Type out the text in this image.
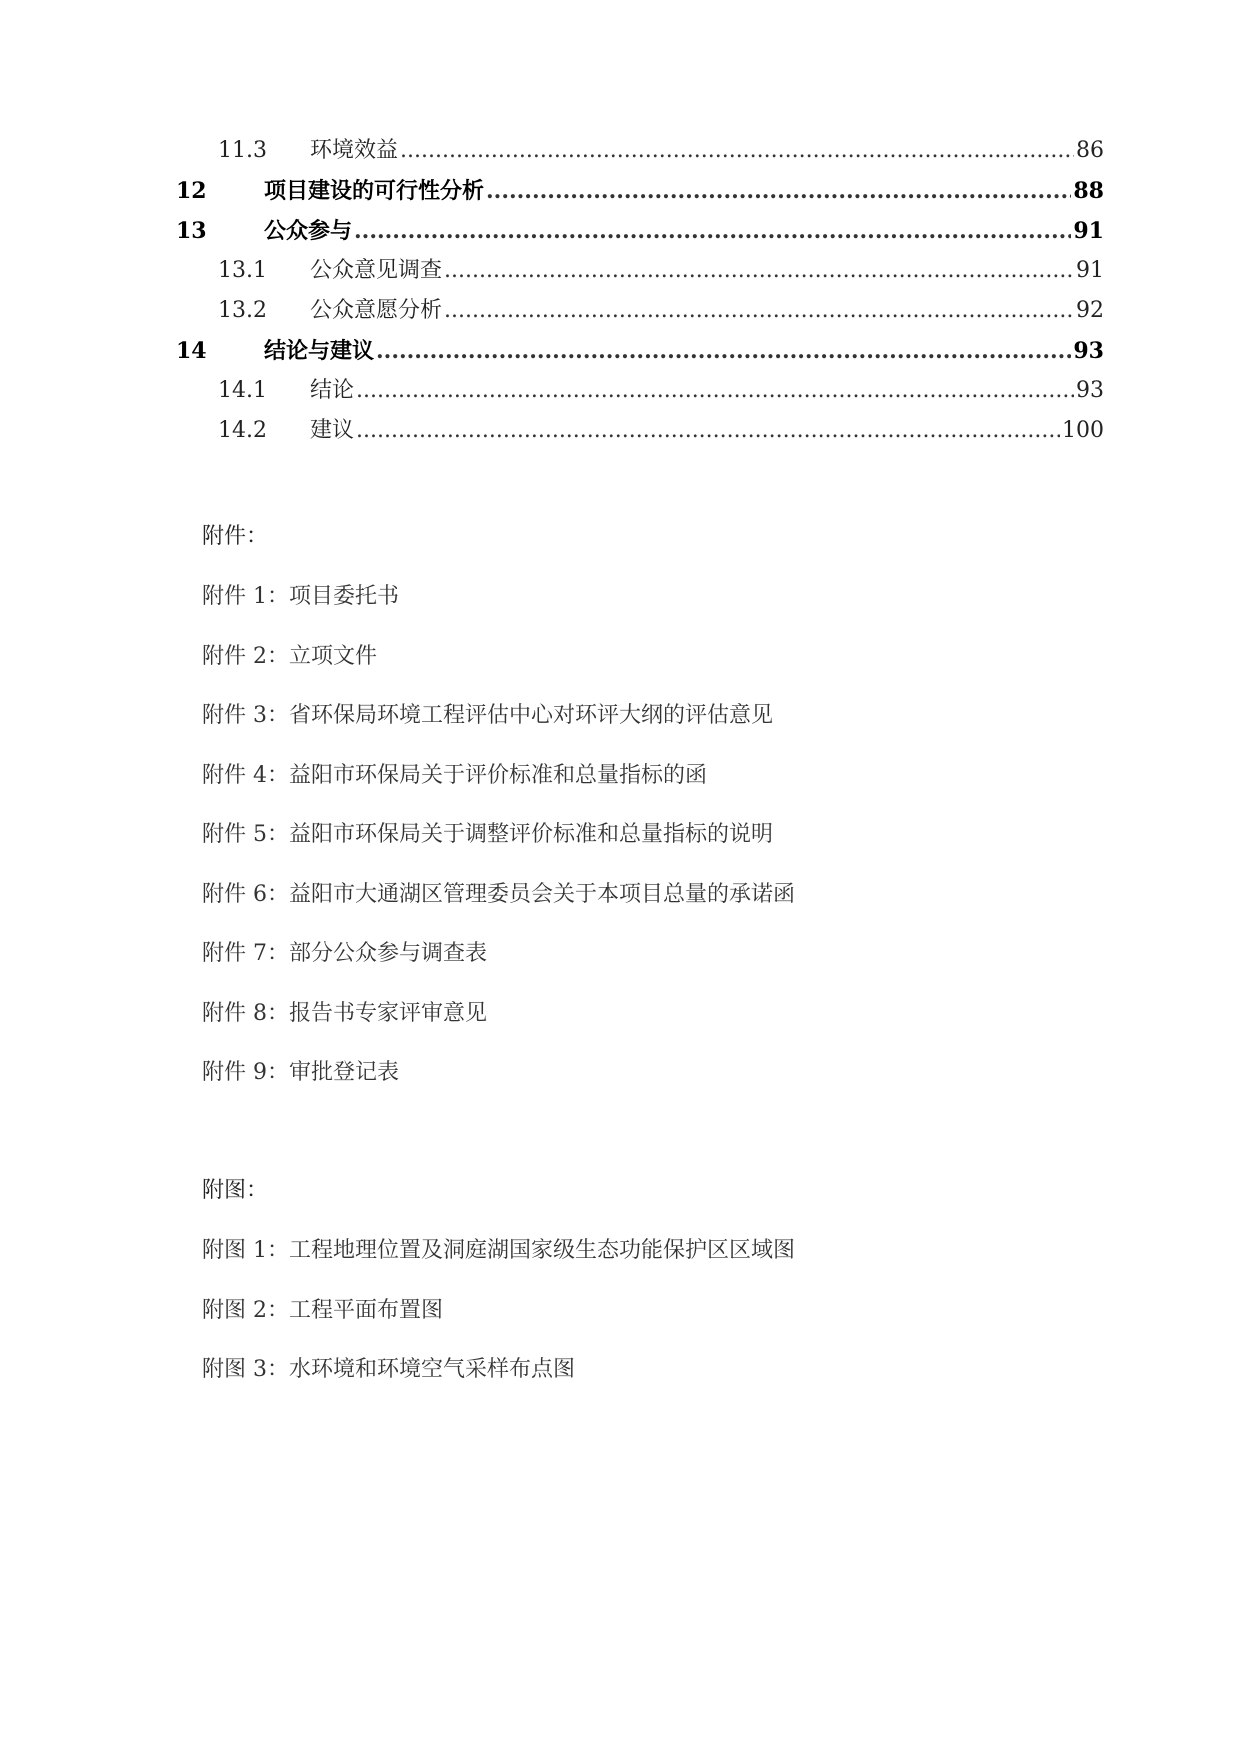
11.3	环境效益 .....	86
12	项目建设的可行性分析 .....	88
13	公众参与 .....	91
13.1	公众意见调查 .....	91
13.2	公众意愿分析 .....	92
14	结论与建议 .....	93
14.1	结论 .....	93
14.2	建议 .....	100
附件：
附件 1：项目委托书
附件 2：立项文件
附件 3：省环保局环境工程评估中心对环评大纲的评估意见
附件 4：益阳市环保局关于评价标准和总量指标的函
附件 5：益阳市环保局关于调整评价标准和总量指标的说明
附件 6：益阳市大通湖区管理委员会关于本项目总量的承诺函
附件 7：部分公众参与调查表
附件 8：报告书专家评审意见
附件 9：审批登记表
附图：
附图 1：工程地理位置及洞庭湖国家级生态功能保护区区域图
附图 2：工程平面布置图
附图 3：水环境和环境空气采样布点图
